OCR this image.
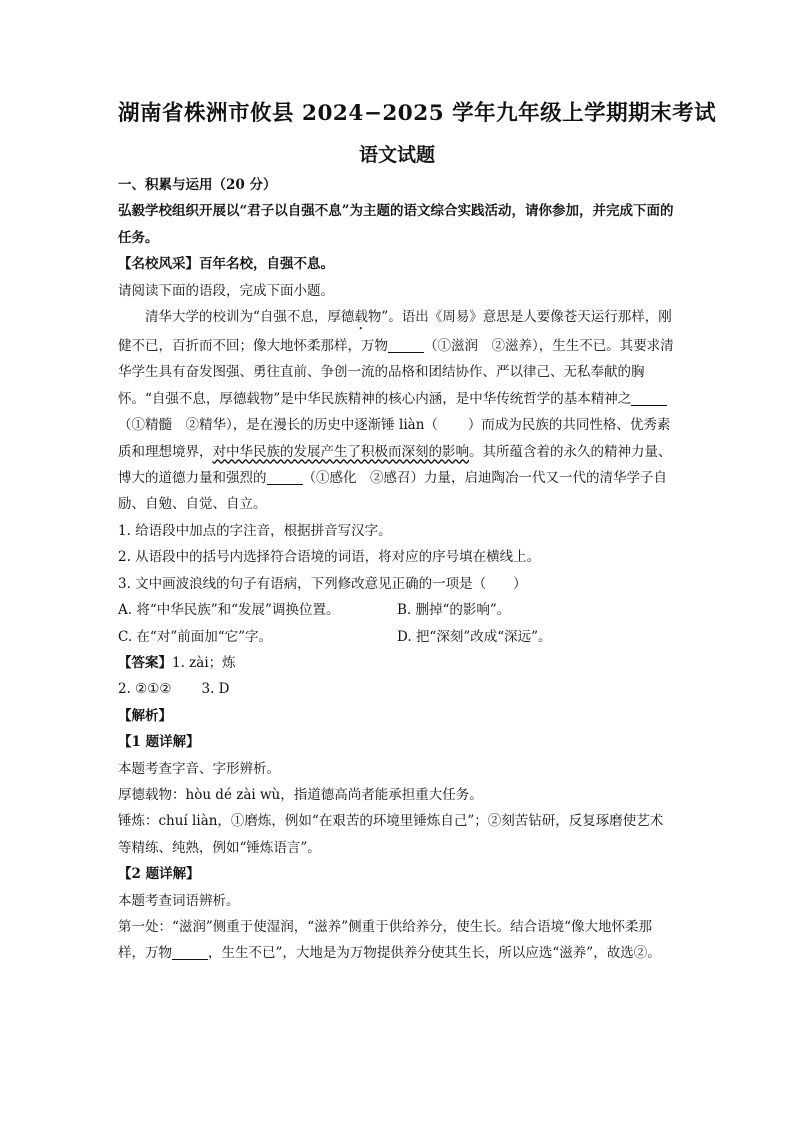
湖南省株洲市攸县 2024−2025 学年九年级上学期期末考试
语文试题

一、积累与运用（20 分）

弘毅学校组织开展以“君子以自强不息”为主题的语文综合实践活动，请你参加，并完成下面的任务。

【名校风采】百年名校，自强不息。

请阅读下面的语段，完成下面小题。

清华大学的校训为“自强不息，厚德载物”。语出《周易》意思是人要像苍天运行那样，刚健不已，百折而不回；像大地怀柔那样，万物	（①滋润　②滋养），生生不已。其要求清华学生具有奋发图强、勇往直前、争创一流的品格和团结协作、严以律己、无私奉献的胸怀。“自强不息，厚德载物”是中华民族精神的核心内涵，是中华传统哲学的基本精神之（①精髓　②精华），是在漫长的历史中逐渐锤 liàn（ ）而成为民族的共同性格、优秀素质和理想境界，对中华民族的发展产生了积极而深刻的影响。其所蕴含着的永久的精神力量、博大的道德力量和强烈的	（①感化　②感召）力量，启迪陶冶一代又一代的清华学子自励、自勉、自觉、自立。

1. 给语段中加点的字注音，根据拼音写汉字。

2. 从语段中的括号内选择符合语境的词语，将对应的序号填在横线上。

3. 文中画波浪线的句子有语病，下列修改意见正确的一项是（　　）

A. 将“中华民族”和“发展”调换位置。	B. 删掉“的影响”。
C. 在“对”前面加“它”字。	D. 把“深刻”改成“深远”。

【答案】1. zài；炼

2. ②①② 3. D

【解析】

【1 题详解】

本题考查字音、字形辨析。

厚德载物：hòu dé zài wù，指道德高尚者能承担重大任务。

锤炼：chuí liàn，①磨炼，例如“在艰苦的环境里锤炼自己”；②刻苦钻研，反复琢磨使艺术等精练、纯熟，例如“锤炼语言”。

【2 题详解】

本题考查词语辨析。

第一处：“滋润”侧重于使湿润，“滋养”侧重于供给养分，使生长。结合语境“像大地怀柔那样，万物	，生生不已”，大地是为万物提供养分使其生长，所以应选“滋养”，故选②。
